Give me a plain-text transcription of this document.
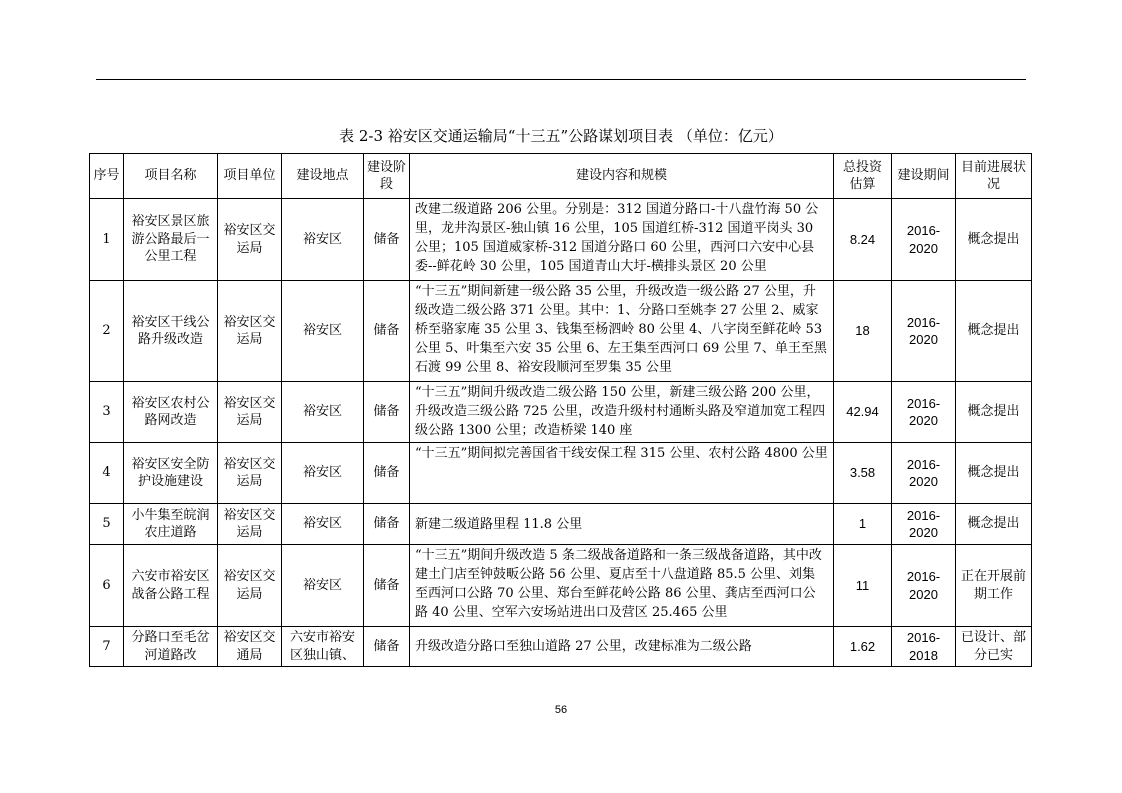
表 2-3 裕安区交通运输局“十三五”公路谋划项目表 （单位：亿元）
序号	项目名称	项目单位	建设地点	建设阶段	建设内容和规模	总投资估算	建设期间	目前进展状 况
1	裕安区景区旅游公路最后一公里工程	裕安区交运局	裕安区	储备	改建二级道路 206 公里。分别是：312 国道分路口-十八盘竹海 50 公里，龙井沟景区-独山镇 16 公里，105 国道红桥-312 国道平岗头 30 公里；105 国道威家桥-312 国道分路口 60 公里，西河口六安中心县委--鲜花岭 30 公里，105 国道青山大圩-横排头景区 20 公里	8.24	2016-2020	概念提出
2	裕安区干线公路升级改造	裕安区交运局	裕安区	储备	“十三五”期间新建一级公路 35 公里，升级改造一级公路 27 公里，升级改造二级公路 371 公里。其中：1、分路口至姚李 27 公里 2、威家桥至骆家庵 35 公里 3、钱集至杨泗岭 80 公里 4、八字岗至鲜花岭 53 公里 5、叶集至六安 35 公里 6、左王集至西河口 69 公里 7、单王至黑石渡 99 公里 8、裕安段顺河至罗集 35 公里	18	2016-2020	概念提出
3	裕安区农村公路网改造	裕安区交运局	裕安区	储备	“十三五”期间升级改造二级公路 150 公里，新建三级公路 200 公里，升级改造三级公路 725 公里，改造升级村村通断头路及窄道加宽工程四级公路 1300 公里；改造桥梁 140 座	42.94	2016-2020	概念提出
4	裕安区安全防护设施建设	裕安区交运局	裕安区	储备	“十三五”期间拟完善国省干线安保工程 315 公里、农村公路 4800 公里	3.58	2016-2020	概念提出
5	小牛集至皖润农庄道路	裕安区交运局	裕安区	储备	新建二级道路里程 11.8 公里	1	2016-2020	概念提出
6	六安市裕安区战备公路工程	裕安区交运局	裕安区	储备	“十三五”期间升级改造 5 条二级战备道路和一条三级战备道路，其中改建土门店至钟鼓畈公路 56 公里、夏店至十八盘道路 85.5 公里、刘集至西河口公路 70 公里、郑台至鲜花岭公路 86 公里、龚店至西河口公路 40 公里、空军六安场站进出口及营区 25.465 公里	11	2016-2020	正在开展前期工作
7	分路口至毛岔河道路改	裕安区交通局	六安市裕安区独山镇、	储备	升级改造分路口至独山道路 27 公里，改建标准为二级公路	1.62	2016-2018	已设计、部分已实
56
